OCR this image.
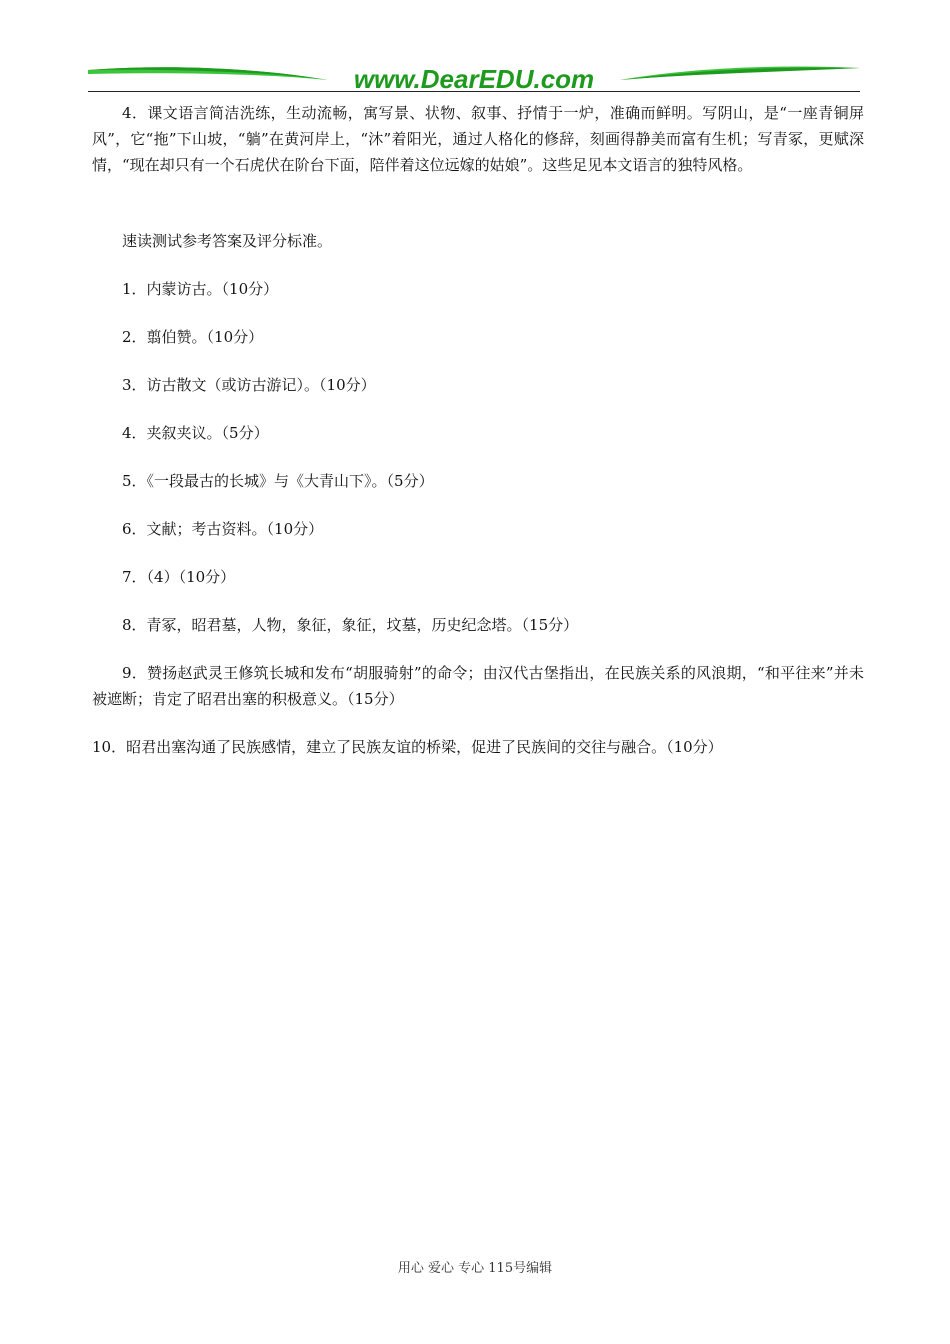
www.DearEDU.com

4．课文语言简洁洗练，生动流畅，寓写景、状物、叙事、抒情于一炉，准确而鲜明。写阴山，是“一座青铜屏风”，它“拖”下山坡，“躺”在黄河岸上，“沐”着阳光，通过人格化的修辞，刻画得静美而富有生机；写青冢，更赋深情，“现在却只有一个石虎伏在阶台下面，陪伴着这位远嫁的姑娘”。这些足见本文语言的独特风格。

速读测试参考答案及评分标准。

1．内蒙访古。（10分）

2．翦伯赞。（10分）

3．访古散文（或访古游记）。（10分）

4．夹叙夹议。（5分）

5．《一段最古的长城》与《大青山下》。（5分）

6．文献；考古资料。（10分）

7．（4）（10分）

8．青冢，昭君墓，人物，象征，象征，坟墓，历史纪念塔。（15分）

9．赞扬赵武灵王修筑长城和发布“胡服骑射”的命令；由汉代古堡指出，在民族关系的风浪期，“和平往来”并未被遮断；肯定了昭君出塞的积极意义。（15分）

10．昭君出塞沟通了民族感情，建立了民族友谊的桥梁，促进了民族间的交往与融合。（10分）

用心 爱心 专心 115号编辑
